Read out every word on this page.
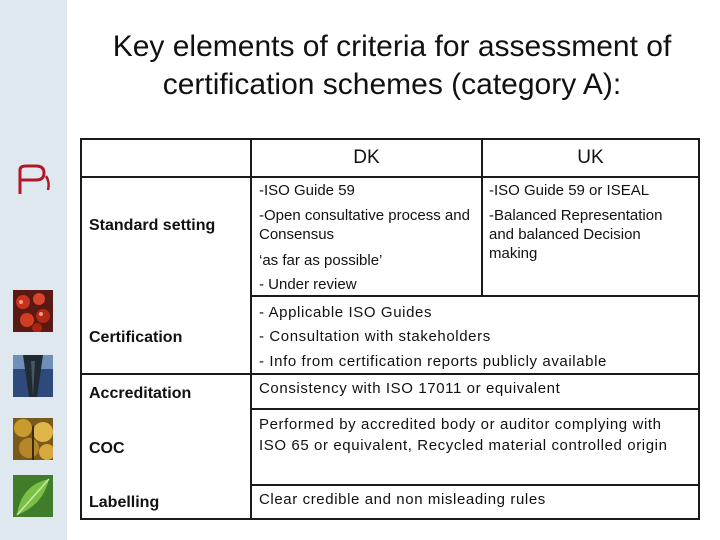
Key elements of criteria for assessment of certification schemes (category A):
DK	UK
Standard setting
Certification
Accreditation
COC
Labelling
-ISO Guide 59
-Open consultative process and Consensus
‘as far as possible’
- Under review
-ISO Guide 59 or ISEAL
-Balanced Representation and balanced Decision making
- Applicable ISO Guides
- Consultation with stakeholders
- Info from certification reports publicly available
Consistency with ISO 17011 or equivalent
Performed by accredited body or auditor complying with ISO 65 or equivalent, Recycled material controlled origin
Clear credible and non misleading rules
